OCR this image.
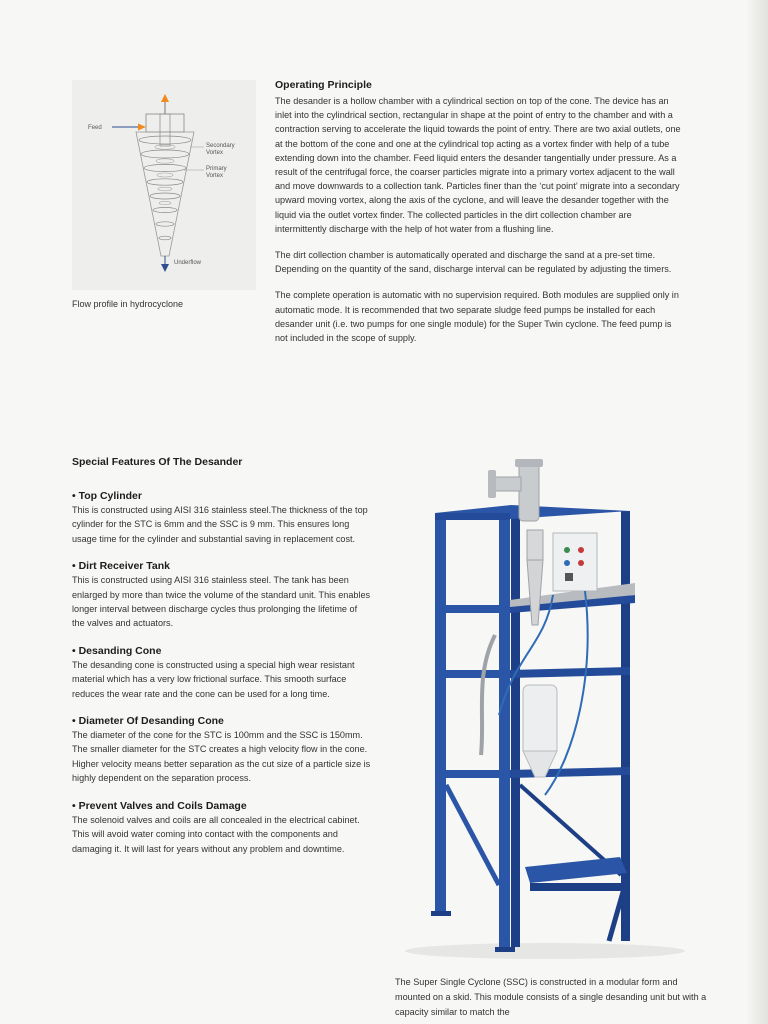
Feed
Secondary Vortex
Primary Vortex
Underflow
Flow profile in hydrocyclone
Operating Principle

The desander is a hollow chamber with a cylindrical section on top of the cone. The device has an inlet into the cylindrical section, rectangular in shape at the point of entry to the chamber and with a contraction serving to accelerate the liquid towards the point of entry. There are two axial outlets, one at the bottom of the cone and one at the cylindrical top acting as a vortex finder with help of a tube extending down into the chamber. Feed liquid enters the desander tangentially under pressure. As a result of the centrifugal force, the coarser particles migrate into a primary vortex adjacent to the wall and move downwards to a collection tank. Particles finer than the ‘cut point’ migrate into a secondary upward moving vortex, along the axis of the cyclone, and will leave the desander together with the liquid via the outlet vortex finder. The collected particles in the dirt collection chamber are intermittently discharge with the help of hot water from a flushing line.

The dirt collection chamber is automatically operated and discharge the sand at a pre-set time. Depending on the quantity of the sand, discharge interval can be regulated by adjusting the timers.

The complete operation is automatic with no supervision required. Both modules are supplied only in automatic mode. It is recommended that two separate sludge feed pumps be installed for each desander unit (i.e. two pumps for one single module) for the Super Twin cyclone. The feed pump is not included in the scope of supply.

Special Features Of The Desander
• Top Cylinder

This is constructed using AISI 316 stainless steel.The thickness of the top cylinder for the STC is 6mm and the SSC is 9 mm. This ensures long usage time for the cylinder and substantial saving in replacement cost.

• Dirt Receiver Tank

This is constructed using AISI 316 stainless steel. The tank has been enlarged by more than twice the volume of the standard unit. This enables longer interval between discharge cycles thus prolonging the lifetime of the valves and actuators.

• Desanding Cone

The desanding cone is constructed using a special high wear resistant material which has a very low frictional surface. This smooth surface reduces the wear rate and the cone can be used for a long time.

• Diameter Of Desanding Cone

The diameter of the cone for the STC is 100mm and the SSC is 150mm. The smaller diameter for the STC creates a high velocity flow in the cone. Higher velocity means better separation as the cut size of a particle size is highly dependent on the separation process.

• Prevent Valves and Coils Damage

The solenoid valves and coils are all concealed in the electrical cabinet. This will avoid water coming into contact with the components and damaging it. It will last for years without any problem and downtime.

The Super Single Cyclone (SSC) is constructed in a modular form and mounted on a skid. This module consists of a single desanding unit but with a capacity similar to match the
